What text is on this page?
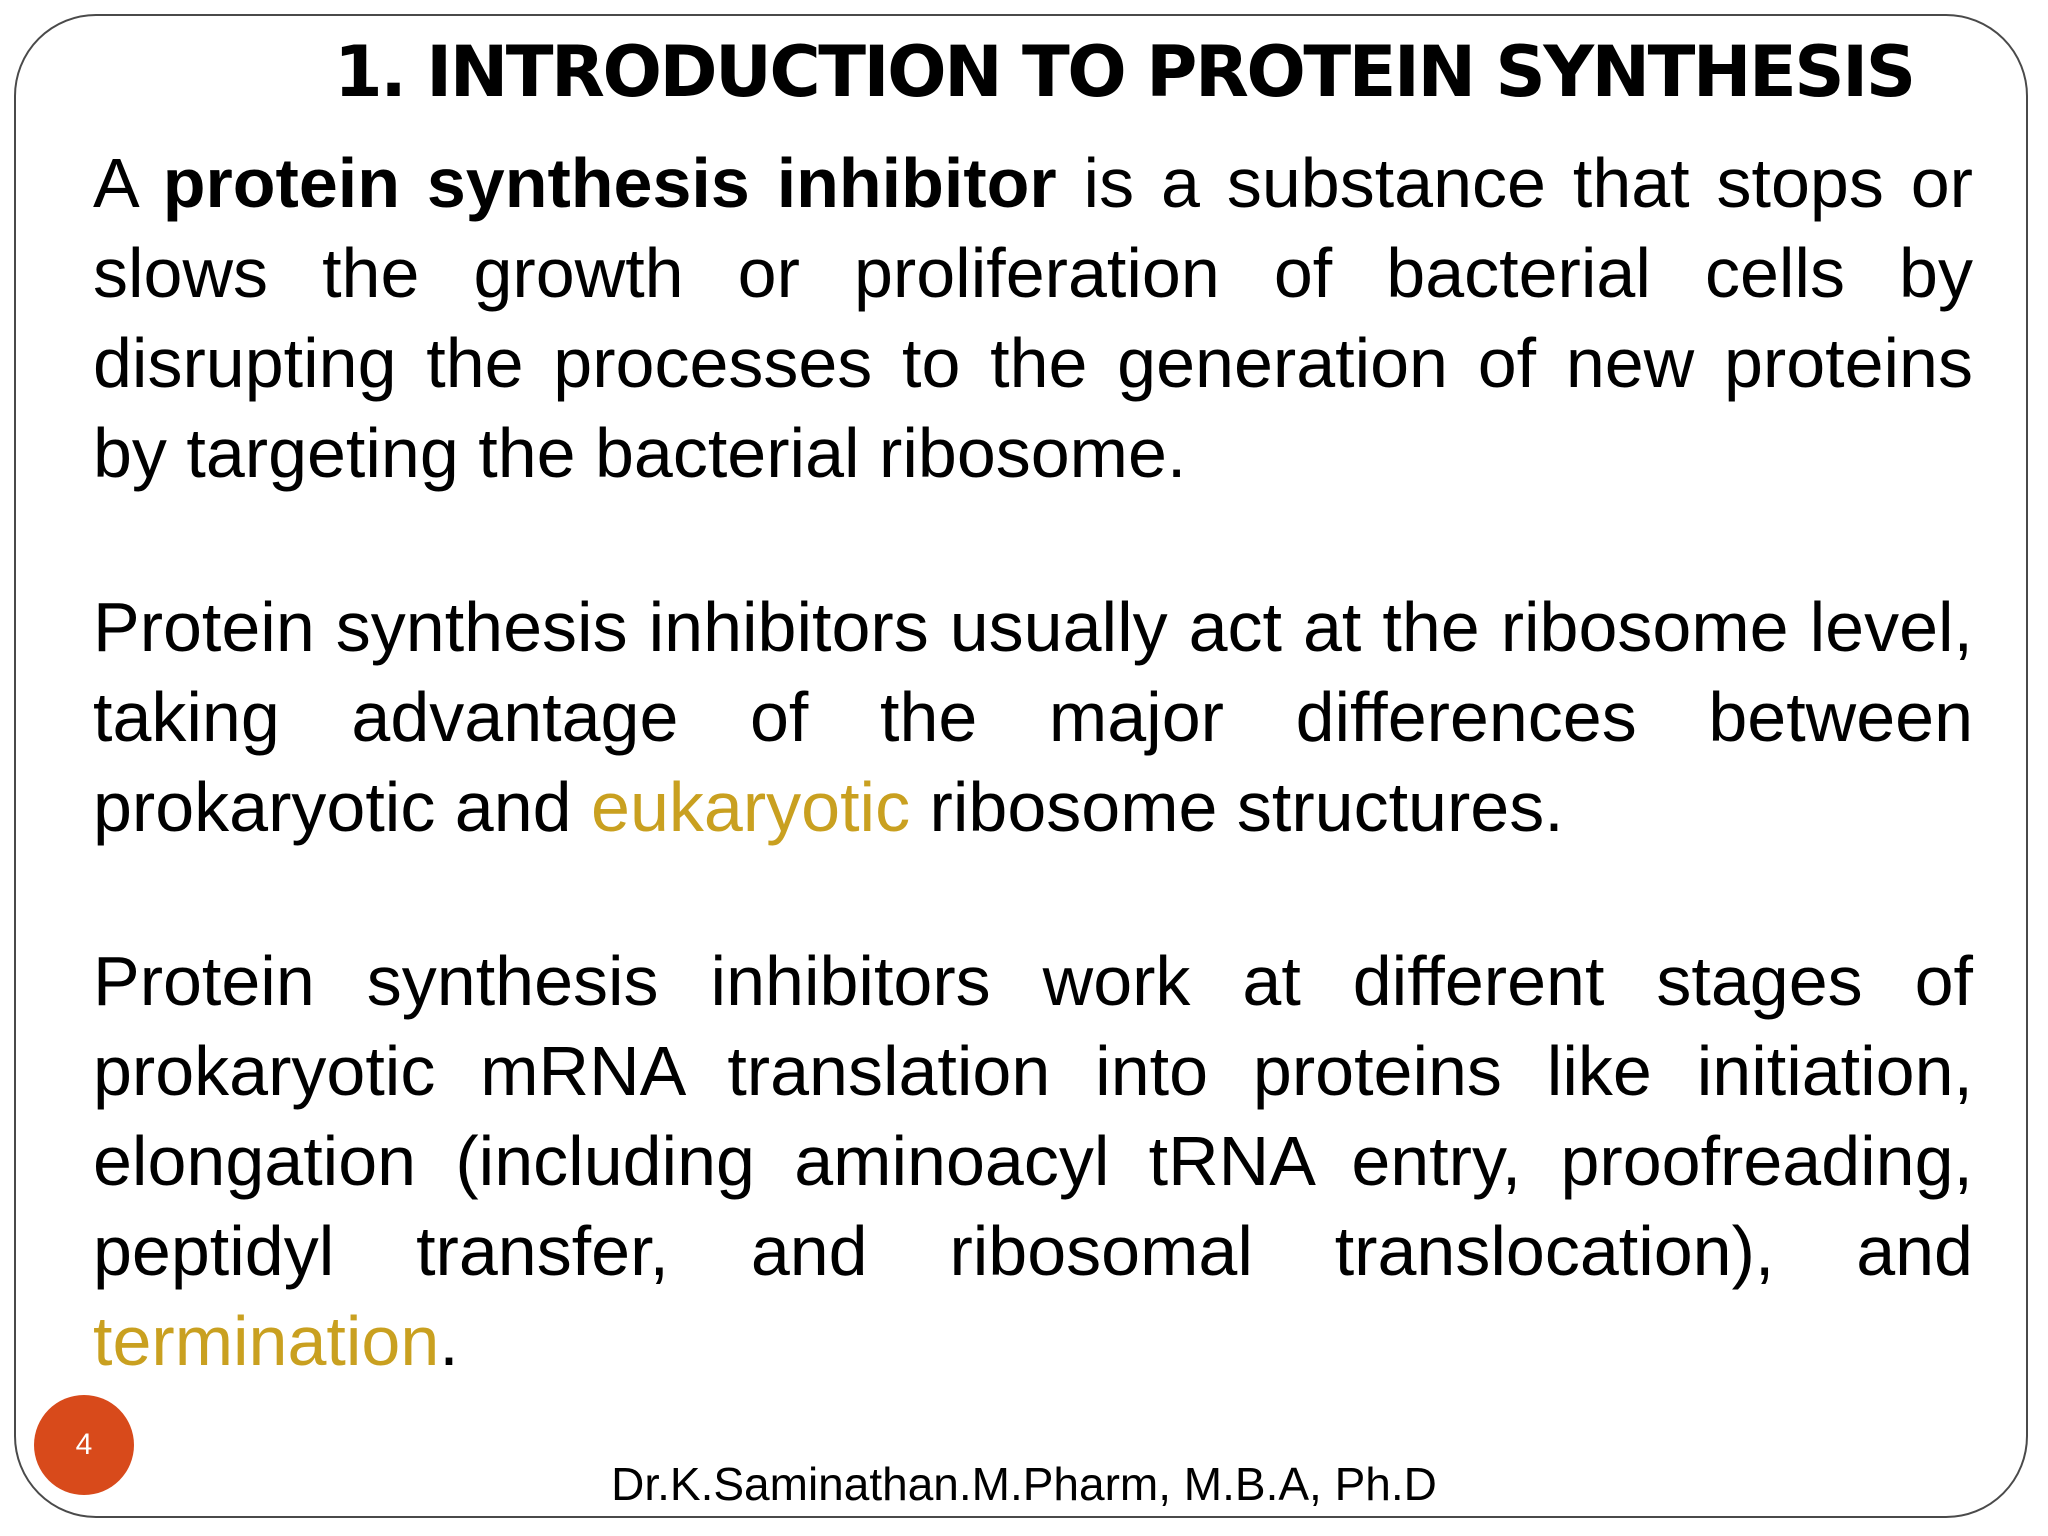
1. INTRODUCTION TO PROTEIN SYNTHESIS

A protein synthesis inhibitor is a substance that stops or slows the growth or proliferation of bacterial cells by disrupting the processes to the generation of new proteins by targeting the bacterial ribosome.

Protein synthesis inhibitors usually act at the ribosome level, taking advantage of the major differences between prokaryotic and eukaryotic ribosome structures.

Protein synthesis inhibitors work at different stages of prokaryotic mRNA translation into proteins like initiation, elongation (including aminoacyl tRNA entry, proofreading, peptidyl transfer, and ribosomal translocation), and termination.

4
Dr.K.Saminathan.M.Pharm, M.B.A, Ph.D
